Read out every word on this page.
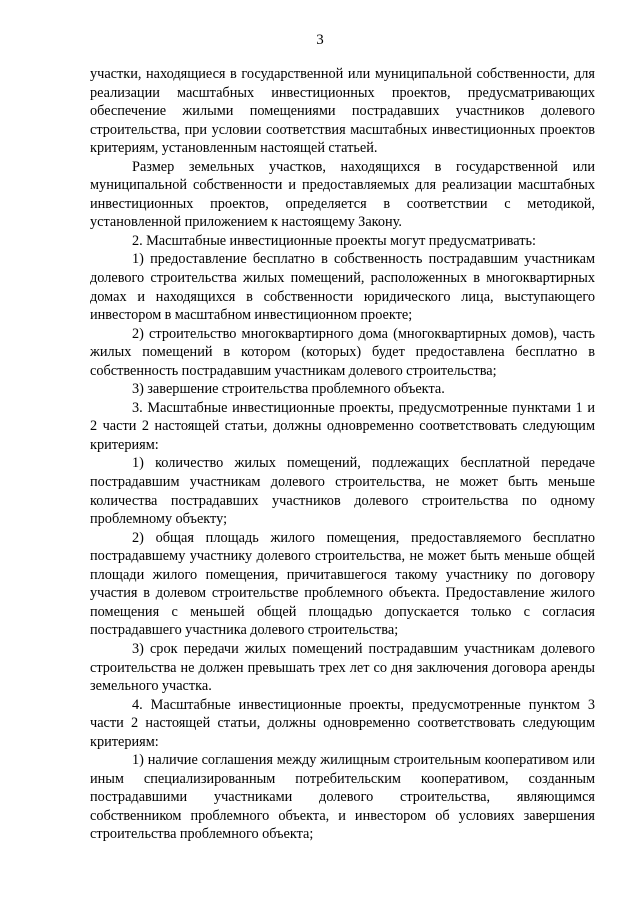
3

участки, находящиеся в государственной или муниципальной собственности, для реализации масштабных инвестиционных проектов, предусматривающих обеспечение жилыми помещениями пострадавших участников долевого строительства, при условии соответствия масштабных инвестиционных проектов критериям, установленным настоящей статьей.

Размер земельных участков, находящихся в государственной или муниципальной собственности и предоставляемых для реализации масштабных инвестиционных проектов, определяется в соответствии с методикой, установленной приложением к настоящему Закону.

2. Масштабные инвестиционные проекты могут предусматривать:

1) предоставление бесплатно в собственность пострадавшим участникам долевого строительства жилых помещений, расположенных в многоквартирных домах и находящихся в собственности юридического лица, выступающего инвестором в масштабном инвестиционном проекте;

2) строительство многоквартирного дома (многоквартирных домов), часть жилых помещений в котором (которых) будет предоставлена бесплатно в собственность пострадавшим участникам долевого строительства;

3) завершение строительства проблемного объекта.

3. Масштабные инвестиционные проекты, предусмотренные пунктами 1 и 2 части 2 настоящей статьи, должны одновременно соответствовать следующим критериям:

1) количество жилых помещений, подлежащих бесплатной передаче пострадавшим участникам долевого строительства, не может быть меньше количества пострадавших участников долевого строительства по одному проблемному объекту;

2) общая площадь жилого помещения, предоставляемого бесплатно пострадавшему участнику долевого строительства, не может быть меньше общей площади жилого помещения, причитавшегося такому участнику по договору участия в долевом строительстве проблемного объекта. Предоставление жилого помещения с меньшей общей площадью допускается только с согласия пострадавшего участника долевого строительства;

3) срок передачи жилых помещений пострадавшим участникам долевого строительства не должен превышать трех лет со дня заключения договора аренды земельного участка.

4. Масштабные инвестиционные проекты, предусмотренные пунктом 3 части 2 настоящей статьи, должны одновременно соответствовать следующим критериям:

1) наличие соглашения между жилищным строительным кооперативом или иным специализированным потребительским кооперативом, созданным пострадавшими участниками долевого строительства, являющимся собственником проблемного объекта, и инвестором об условиях завершения строительства проблемного объекта;
